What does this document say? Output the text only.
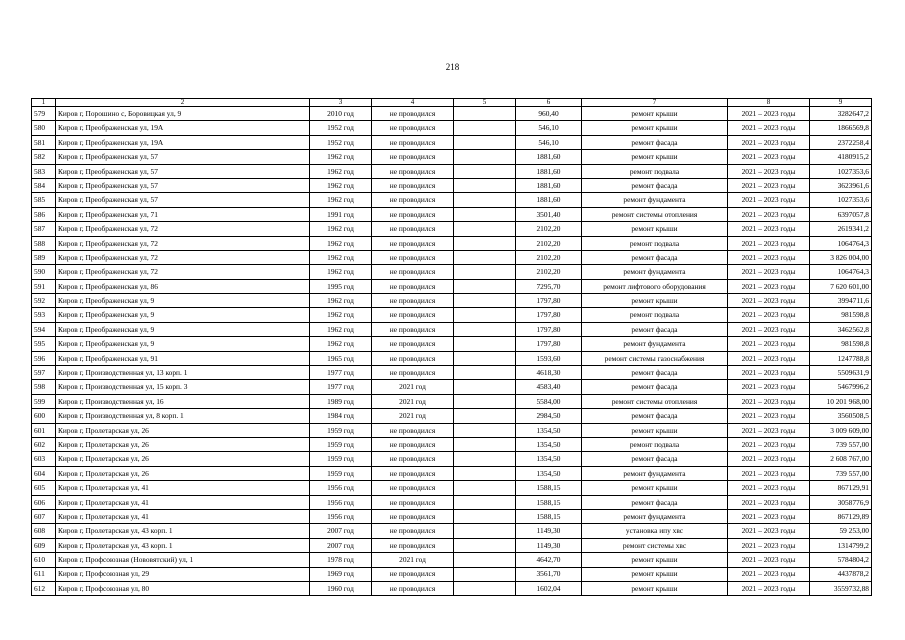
218
1	2	3	4	5	6	7	8	9
579	Киров г, Порошино с, Боровицкая ул, 9	2010 год	не проводился		960,40	ремонт крыши	2021 – 2023 годы	3282647,2
580	Киров г, Преображенская ул, 19А	1952 год	не проводился		546,10	ремонт крыши	2021 – 2023 годы	1866569,8
581	Киров г, Преображенская ул, 19А	1952 год	не проводился		546,10	ремонт фасада	2021 – 2023 годы	2372258,4
582	Киров г, Преображенская ул, 57	1962 год	не проводился		1881,60	ремонт крыши	2021 – 2023 годы	4180915,2
583	Киров г, Преображенская ул, 57	1962 год	не проводился		1881,60	ремонт подвала	2021 – 2023 годы	1027353,6
584	Киров г, Преображенская ул, 57	1962 год	не проводился		1881,60	ремонт фасада	2021 – 2023 годы	3623961,6
585	Киров г, Преображенская ул, 57	1962 год	не проводился		1881,60	ремонт фундамента	2021 – 2023 годы	1027353,6
586	Киров г, Преображенская ул, 71	1991 год	не проводился		3501,40	ремонт системы отопления	2021 – 2023 годы	6397057,8
587	Киров г, Преображенская ул, 72	1962 год	не проводился		2102,20	ремонт крыши	2021 – 2023 годы	2619341,2
588	Киров г, Преображенская ул, 72	1962 год	не проводился		2102,20	ремонт подвала	2021 – 2023 годы	1064764,3
589	Киров г, Преображенская ул, 72	1962 год	не проводился		2102,20	ремонт фасада	2021 – 2023 годы	3 826 004,00
590	Киров г, Преображенская ул, 72	1962 год	не проводился		2102,20	ремонт фундамента	2021 – 2023 годы	1064764,3
591	Киров г, Преображенская ул, 86	1995 год	не проводился		7295,70	ремонт лифтового оборудования	2021 – 2023 годы	7 620 601,00
592	Киров г, Преображенская ул, 9	1962 год	не проводился		1797,80	ремонт крыши	2021 – 2023 годы	3994711,6
593	Киров г, Преображенская ул, 9	1962 год	не проводился		1797,80	ремонт подвала	2021 – 2023 годы	981598,8
594	Киров г, Преображенская ул, 9	1962 год	не проводился		1797,80	ремонт фасада	2021 – 2023 годы	3462562,8
595	Киров г, Преображенская ул, 9	1962 год	не проводился		1797,80	ремонт фундамента	2021 – 2023 годы	981598,8
596	Киров г, Преображенская ул, 91	1965 год	не проводился		1593,60	ремонт системы газоснабжения	2021 – 2023 годы	1247788,8
597	Киров г, Производственная ул, 13 корп. 1	1977 год	не проводился		4618,30	ремонт фасада	2021 – 2023 годы	5509631,9
598	Киров г, Производственная ул, 15 корп. 3	1977 год	2021 год		4583,40	ремонт фасада	2021 – 2023 годы	5467996,2
599	Киров г, Производственная ул, 16	1989 год	2021 год		5584,00	ремонт системы отопления	2021 – 2023 годы	10 201 968,00
600	Киров г, Производственная ул, 8 корп. 1	1984 год	2021 год		2984,50	ремонт фасада	2021 – 2023 годы	3560508,5
601	Киров г, Пролетарская ул, 26	1959 год	не проводился		1354,50	ремонт крыши	2021 – 2023 годы	3 009 609,00
602	Киров г, Пролетарская ул, 26	1959 год	не проводился		1354,50	ремонт подвала	2021 – 2023 годы	739 557,00
603	Киров г, Пролетарская ул, 26	1959 год	не проводился		1354,50	ремонт фасада	2021 – 2023 годы	2 608 767,00
604	Киров г, Пролетарская ул, 26	1959 год	не проводился		1354,50	ремонт фундамента	2021 – 2023 годы	739 557,00
605	Киров г, Пролетарская ул, 41	1956 год	не проводился		1588,15	ремонт крыши	2021 – 2023 годы	867129,91
606	Киров г, Пролетарская ул, 41	1956 год	не проводился		1588,15	ремонт фасада	2021 – 2023 годы	3058776,9
607	Киров г, Пролетарская ул, 41	1956 год	не проводился		1588,15	ремонт фундамента	2021 – 2023 годы	867129,89
608	Киров г, Пролетарская ул, 43 корп. 1	2007 год	не проводился		1149,30	установка ипу хвс	2021 – 2023 годы	59 253,00
609	Киров г, Пролетарская ул, 43 корп. 1	2007 год	не проводился		1149,30	ремонт системы хвс	2021 – 2023 годы	1314799,2
610	Киров г, Профсоюзная (Нововятский) ул, 1	1978 год	2021 год		4642,70	ремонт крыши	2021 – 2023 годы	5784804,2
611	Киров г, Профсоюзная ул, 29	1969 год	не проводился		3561,70	ремонт крыши	2021 – 2023 годы	4437878,2
612	Киров г, Профсоюзная ул, 80	1960 год	не проводился		1602,04	ремонт крыши	2021 – 2023 годы	3559732,88
